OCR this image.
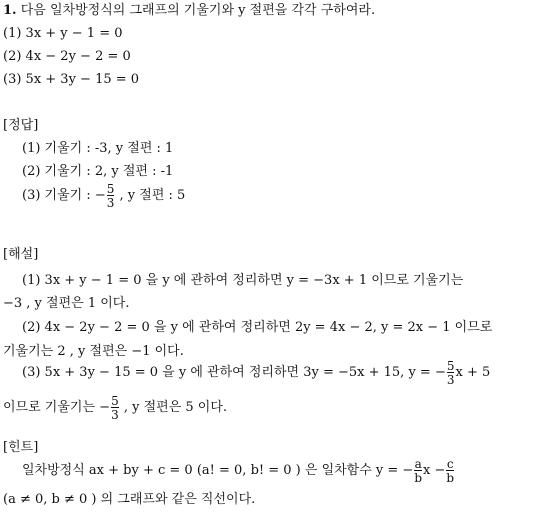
1. 다음 일차방정식의 그래프의 기울기와 y 절편을 각각 구하여라.
(1) 3x + y − 1 = 0
(2) 4x − 2y − 2 = 0
(3) 5x + 3y − 15 = 0
[정답]
(1) 기울기 : -3, y 절편 : 1
(2) 기울기 : 2, y 절편 : -1
(3) 기울기 : − $\frac{5}{3}$ , y 절편 : 5
[해설]
(1) 3x + y − 1 = 0 을 y 에 관하여 정리하면 y = −3x + 1 이므로 기울기는
−3 , y 절편은 1 이다.
(2) 4x − 2y − 2 = 0 을 y 에 관하여 정리하면 2y = 4x − 2, y = 2x − 1 이므로
기울기는 2 , y 절편은 −1 이다.
(3) 5x + 3y − 15 = 0 을 y 에 관하여 정리하면 3y = −5x + 15, y = − $\frac{5}{3}$ x + 5
이므로 기울기는 − $\frac{5}{3}$ , y 절편은 5 이다.
[힌트]
일차방정식 ax + by + c = 0 (a! = 0, b! = 0 ) 은 일차함수 y = − $\frac{a}{b}$ $x - \frac{c}{b}$
(a ≠ 0, b ≠ 0 ) 의 그래프와 같은 직선이다.
